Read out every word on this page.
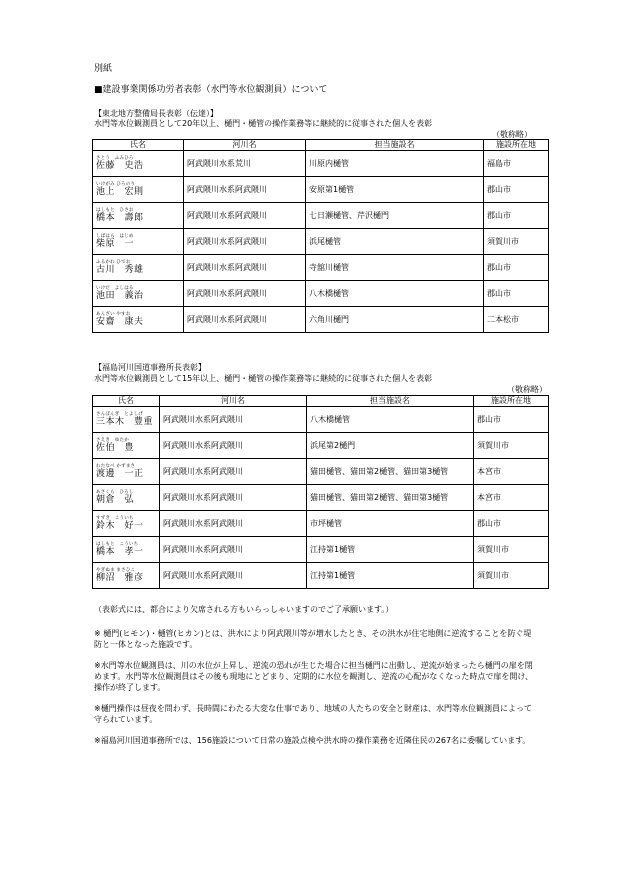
別紙
■建設事業関係功労者表彰（水門等水位観測員）について
【東北地方整備局長表彰（伝達）】
水門等水位観測員として20年以上、樋門・樋管の操作業務等に継続的に従事された個人を表彰
（敬称略）
氏名	河川名	担当施設名	施設所在地

さとう　ふみひろ
佐藤　史浩	阿武隈川水系荒川	川原内樋管	福島市

いけがみ ひろのり
池上　宏則	阿武隈川水系阿武隈川	安原第1樋管	郡山市

はしもと　ひさお
橋本　壽郎	阿武隈川水系阿武隈川	七日瀬樋管、芹沢樋門	郡山市

しばはら　はじめ
柴原　一	阿武隈川水系阿武隈川	浜尾樋管	須賀川市

ふるかわ ひでお
古川　秀雄	阿武隈川水系阿武隈川	寺舘川樋管	郡山市

いけだ　よしはる
池田　義治	阿武隈川水系阿武隈川	八木橋樋管	郡山市

あんざい やすお
安齋　康夫	阿武隈川水系阿武隈川	六角川樋門	二本松市
【福島河川国道事務所長表彰】
水門等水位観測員として15年以上、樋門・樋管の操作業務等に継続的に従事された個人を表彰
（敬称略）
氏名	河川名	担当施設名	施設所在地

さんぼんぎ　とよしげ
三本木　豊重	阿武隈川水系阿武隈川	八木橋樋管	郡山市

さえき　ゆたか
佐伯　豊	阿武隈川水系阿武隈川	浜尾第2樋門	須賀川市

わたなべ かずまさ
渡邊　一正	阿武隈川水系阿武隈川	猫田樋管、猫田第2樋管、猫田第3樋管	本宮市

あさくら　ひろし
朝倉　弘	阿武隈川水系阿武隈川	猫田樋管、猫田第2樋管、猫田第3樋管	本宮市

すずき　こういち
鈴木　好一	阿武隈川水系阿武隈川	市坪樋管	郡山市

はしもと　こういち
橋本　孝一	阿武隈川水系阿武隈川	江持第1樋管	須賀川市

やぎぬま まさひこ
柳沼　雅彦	阿武隈川水系阿武隈川	江持第1樋管	須賀川市
（表彰式には、都合により欠席される方もいらっしゃいますのでご了承願います。）
※ 樋門(ヒモン)・樋管(ヒカン)とは、洪水により阿武隈川等が増水したとき、その洪水が住宅地側に逆流することを防ぐ堤防と一体となった施設です。
※水門等水位観測員は、川の水位が上昇し、逆流の恐れが生じた場合に担当樋門に出動し、逆流が始まったら樋門の扉を閉めます。水門等水位観測員はその後も現地にとどまり、定期的に水位を観測し、逆流の心配がなくなった時点で扉を開け、操作が終了します。
※樋門操作は昼夜を問わず、長時間にわたる大変な仕事であり、地域の人たちの安全と財産は、水門等水位観測員によって守られています。
※福島河川国道事務所では、156施設について日常の施設点検や洪水時の操作業務を近隣住民の267名に委嘱しています。
